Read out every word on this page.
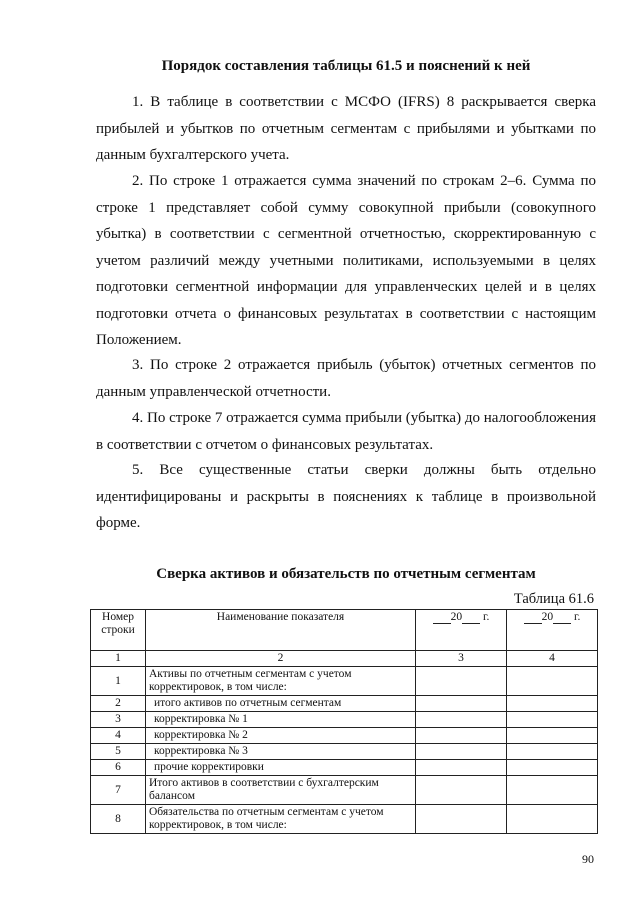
Порядок составления таблицы 61.5 и пояснений к ней

1. В таблице в соответствии с МСФО (IFRS) 8 раскрывается сверка прибылей и убытков по отчетным сегментам с прибылями и убытками по данным бухгалтерского учета.

2. По строке 1 отражается сумма значений по строкам 2–6. Сумма по строке 1 представляет собой сумму совокупной прибыли (совокупного убытка) в соответствии с сегментной отчетностью, скорректированную с учетом различий между учетными политиками, используемыми в целях подготовки сегментной информации для управленческих целей и в целях подготовки отчета о финансовых результатах в соответствии с настоящим Положением.

3. По строке 2 отражается прибыль (убыток) отчетных сегментов по данным управленческой отчетности.

4. По строке 7 отражается сумма прибыли (убытка) до налогообложения в соответствии с отчетом о финансовых результатах.

5. Все существенные статьи сверки должны быть отдельно идентифицированы и раскрыты в пояснениях к таблице в произвольной форме.

Сверка активов и обязательств по отчетным сегментам
Таблица 61.6
Номер строки	Наименование показателя	20 г.	20 г.
1	2	3	4
1	Активы по отчетным сегментам с учетом корректировок, в том числе:		
2	итого активов по отчетным сегментам		
3	корректировка № 1		
4	корректировка № 2		
5	корректировка № 3		
6	прочие корректировки		
7	Итого активов в соответствии с бухгалтерским балансом		
8	Обязательства по отчетным сегментам с учетом корректировок, в том числе:		
90
